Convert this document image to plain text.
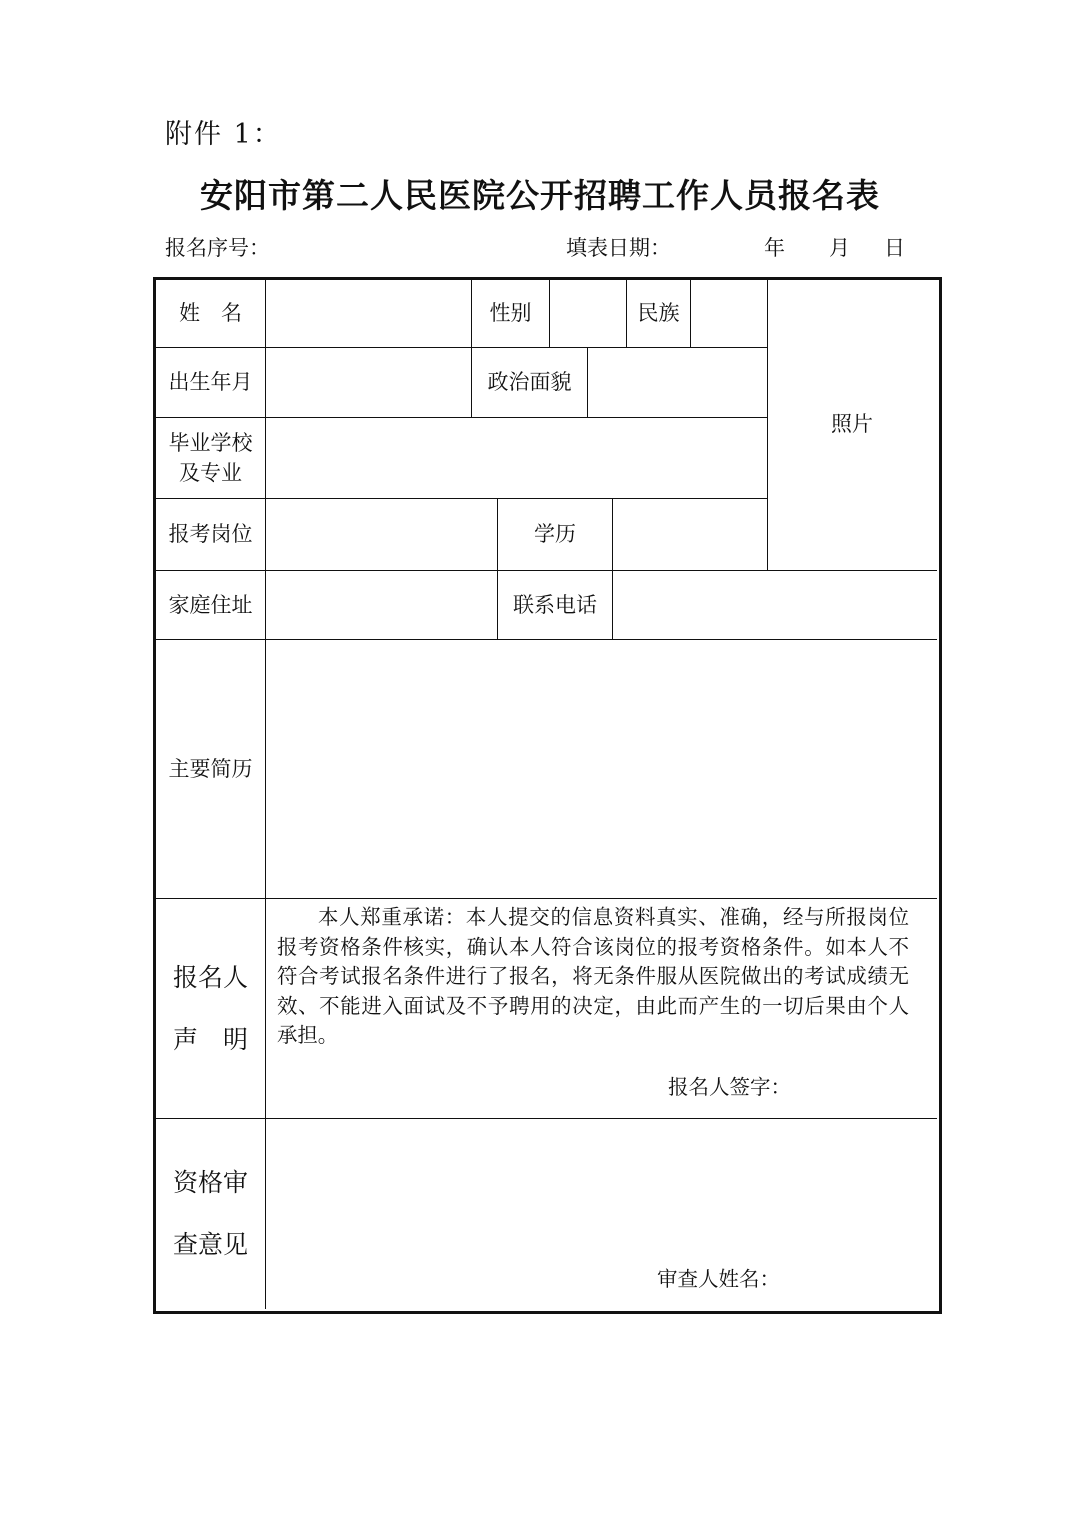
附件 1：
安阳市第二人民医院公开招聘工作人员报名表
报名序号：	填表日期：	年 月 日
姓　名	性别	民族
照片
出生年月	政治面貌
毕业学校
及专业
报考岗位	学历
家庭住址	联系电话
主要简历
报名人
声　明
本人郑重承诺：本人提交的信息资料真实、准确，经与所报岗位报考资格条件核实，确认本人符合该岗位的报考资格条件。如本人不符合考试报名条件进行了报名，将无条件服从医院做出的考试成绩无效、不能进入面试及不予聘用的决定，由此而产生的一切后果由个人承担。
报名人签字：
资格审
查意见
审查人姓名：
